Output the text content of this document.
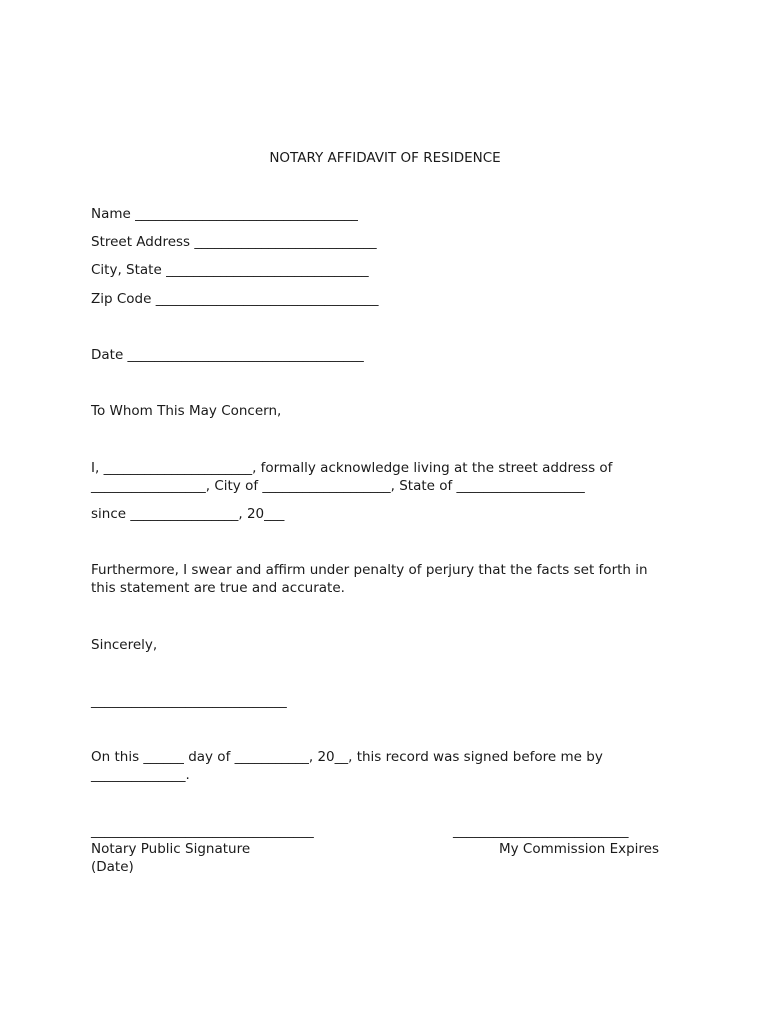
NOTARY AFFIDAVIT OF RESIDENCE
Name _________________________________
Street Address ___________________________
City, State ______________________________
Zip Code _________________________________
Date ___________________________________
To Whom This May Concern,
I, ______________________, formally acknowledge living at the street address of
_________________, City of ___________________, State of ___________________
since ________________, 20___
Furthermore, I swear and affirm under penalty of perjury that the facts set forth in
this statement are true and accurate.
Sincerely,
_____________________________
On this ______ day of ___________, 20__, this record was signed before me by
______________.
_________________________________
Notary Public Signature
(Date)
__________________________
My Commission Expires
